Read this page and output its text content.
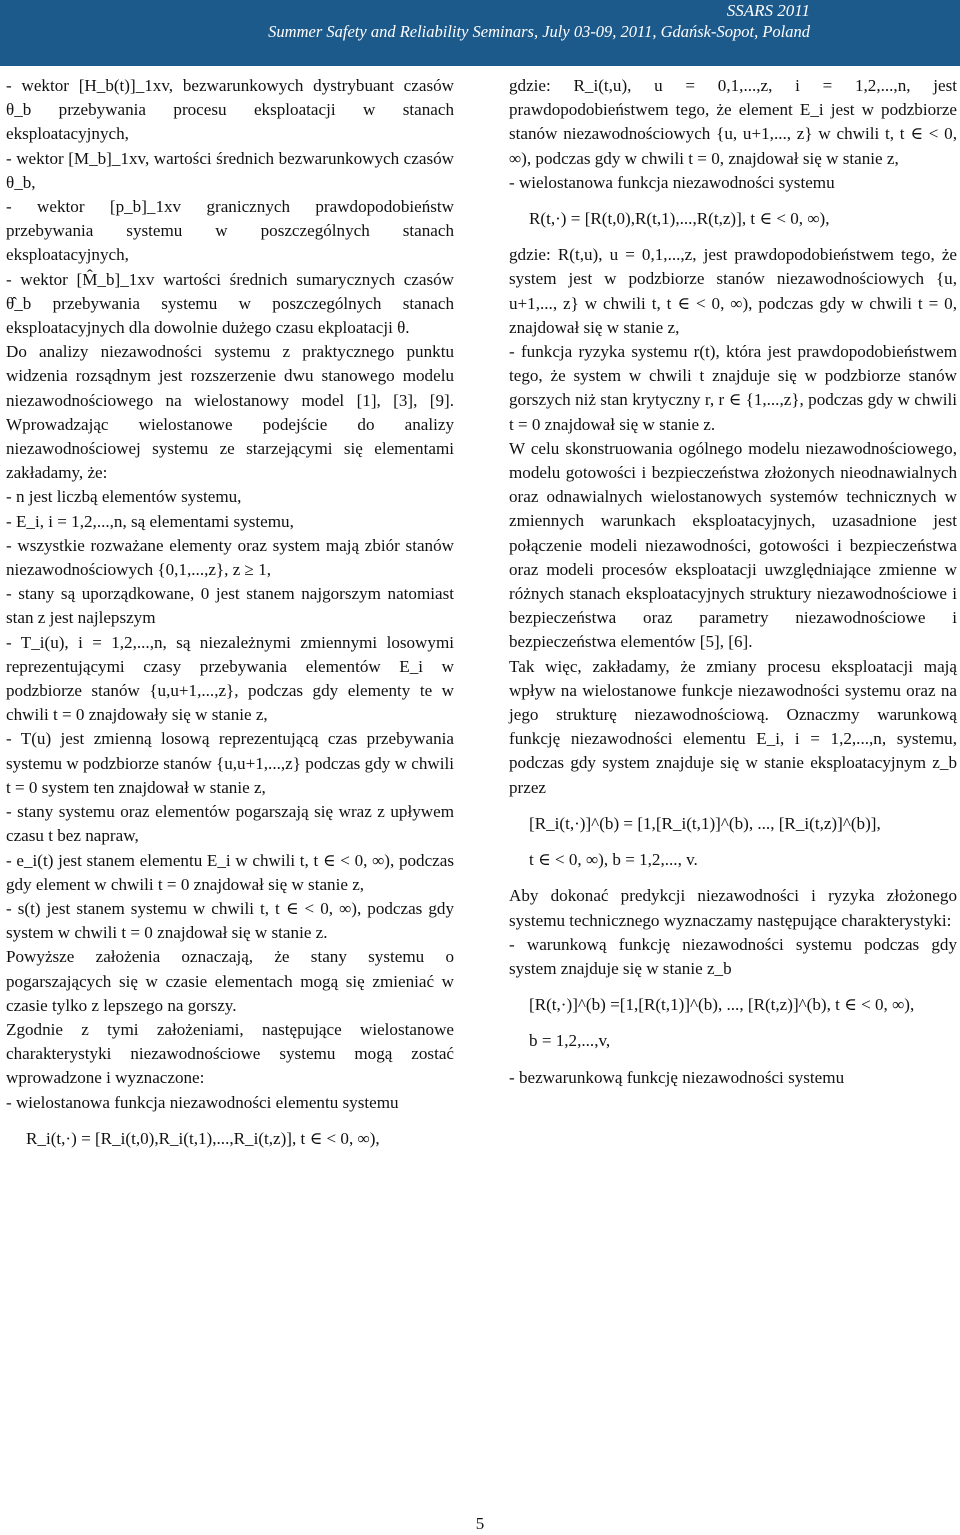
SSARS 2011
Summer Safety and Reliability Seminars, July 03-09, 2011, Gdańsk-Sopot, Poland

- wektor [H_b(t)]_1xv, bezwarunkowych dystrybuant czasów θ_b przebywania procesu eksploatacji w stanach eksploatacyjnych,

- wektor [M_b]_1xv, wartości średnich bezwarunkowych czasów θ_b,

- wektor [p_b]_1xv granicznych prawdopodobieństw przebywania systemu w poszczególnych stanach eksploatacyjnych,

- wektor [M̂_b]_1xv wartości średnich sumarycznych czasów θ̂_b przebywania systemu w poszczególnych stanach eksploatacyjnych dla dowolnie dużego czasu ekploatacji θ.

Do analizy niezawodności systemu z praktycznego punktu widzenia rozsądnym jest rozszerzenie dwu stanowego modelu niezawodnościowego na wielostanowy model [1], [3], [9]. Wprowadzając wielostanowe podejście do analizy niezawodnościowej systemu ze starzejącymi się elementami zakładamy, że:

- n jest liczbą elementów systemu,

- E_i, i = 1,2,...,n, są elementami systemu,

- wszystkie rozważane elementy oraz system mają zbiór stanów niezawodnościowych {0,1,...,z}, z ≥ 1,

- stany są uporządkowane, 0 jest stanem najgorszym natomiast stan z jest najlepszym

- T_i(u), i = 1,2,...,n, są niezależnymi zmiennymi losowymi reprezentującymi czasy przebywania elementów E_i w podzbiorze stanów {u,u+1,...,z}, podczas gdy elementy te w chwili t = 0 znajdowały się w stanie z,

- T(u) jest zmienną losową reprezentującą czas przebywania systemu w podzbiorze stanów {u,u+1,...,z} podczas gdy w chwili t = 0 system ten znajdował w stanie z,

- stany systemu oraz elementów pogarszają się wraz z upływem czasu t bez napraw,

- e_i(t) jest stanem elementu E_i w chwili t, t ∈ < 0, ∞), podczas gdy element w chwili t = 0 znajdował się w stanie z,

- s(t) jest stanem systemu w chwili t, t ∈ < 0, ∞), podczas gdy system w chwili t = 0 znajdował się w stanie z.

Powyższe założenia oznaczają, że stany systemu o pogarszających się w czasie elementach mogą się zmieniać w czasie tylko z lepszego na gorszy.

Zgodnie z tymi założeniami, następujące wielostanowe charakterystyki niezawodnościowe systemu mogą zostać wprowadzone i wyznaczone:

- wielostanowa funkcja niezawodności elementu systemu

R_i(t,·) = [R_i(t,0),R_i(t,1),...,R_i(t,z)], t ∈ < 0, ∞),

gdzie: R_i(t,u), u = 0,1,...,z, i = 1,2,...,n, jest prawdopodobieństwem tego, że element E_i jest w podzbiorze stanów niezawodnościowych {u, u+1,..., z} w chwili t, t ∈ < 0, ∞), podczas gdy w chwili t = 0, znajdował się w stanie z,

- wielostanowa funkcja niezawodności systemu

R(t,·) = [R(t,0),R(t,1),...,R(t,z)], t ∈ < 0, ∞),

gdzie: R(t,u), u = 0,1,...,z, jest prawdopodobieństwem tego, że system jest w podzbiorze stanów niezawodnościowych {u, u+1,..., z} w chwili t, t ∈ < 0, ∞), podczas gdy w chwili t = 0, znajdował się w stanie z,

- funkcja ryzyka systemu r(t), która jest prawdopodobieństwem tego, że system w chwili t znajduje się w podzbiorze stanów gorszych niż stan krytyczny r, r ∈ {1,...,z}, podczas gdy w chwili t = 0 znajdował się w stanie z.

W celu skonstruowania ogólnego modelu niezawodnościowego, modelu gotowości i bezpieczeństwa złożonych nieodnawialnych oraz odnawialnych wielostanowych systemów technicznych w zmiennych warunkach eksploatacyjnych, uzasadnione jest połączenie modeli niezawodności, gotowości i bezpieczeństwa oraz modeli procesów eksploatacji uwzględniające zmienne w różnych stanach eksploatacyjnych struktury niezawodnościowe i bezpieczeństwa oraz parametry niezawodnościowe i bezpieczeństwa elementów [5], [6].

Tak więc, zakładamy, że zmiany procesu eksploatacji mają wpływ na wielostanowe funkcje niezawodności systemu oraz na jego strukturę niezawodnościową. Oznaczmy warunkową funkcję niezawodności elementu E_i, i = 1,2,...,n, systemu, podczas gdy system znajduje się w stanie eksploatacyjnym z_b przez

[R_i(t,·)]^(b) = [1,[R_i(t,1)]^(b), ..., [R_i(t,z)]^(b)],

t ∈ < 0, ∞), b = 1,2,..., v.

Aby dokonać predykcji niezawodności i ryzyka złożonego systemu technicznego wyznaczamy następujące charakterystyki:

- warunkową funkcję niezawodności systemu podczas gdy system znajduje się w stanie z_b

[R(t,·)]^(b) =[1,[R(t,1)]^(b), ..., [R(t,z)]^(b), t ∈ < 0, ∞),

b = 1,2,...,v,

- bezwarunkową funkcję niezawodności systemu

5
